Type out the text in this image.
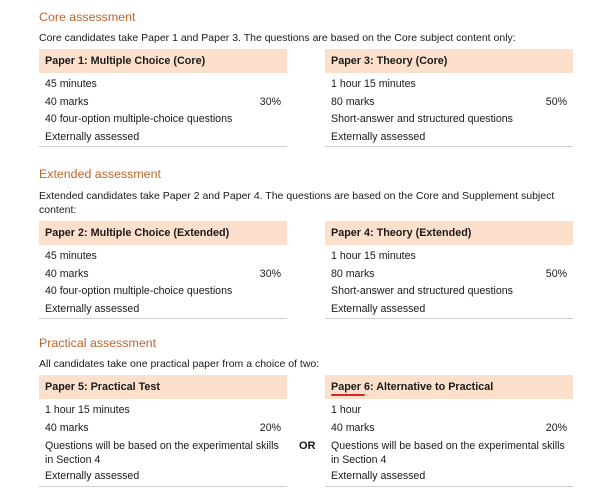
Core assessment
Core candidates take Paper 1 and Paper 3. The questions are based on the Core subject content only:
Paper 1: Multiple Choice (Core)
45 minutes
40 marks	30%
40 four-option multiple-choice questions
Externally assessed
Paper 3: Theory (Core)
1 hour 15 minutes
80 marks	50%
Short-answer and structured questions
Externally assessed
Extended assessment
Extended candidates take Paper 2 and Paper 4. The questions are based on the Core and Supplement subject content:
Paper 2: Multiple Choice (Extended)
45 minutes
40 marks	30%
40 four-option multiple-choice questions
Externally assessed
Paper 4: Theory (Extended)
1 hour 15 minutes
80 marks	50%
Short-answer and structured questions
Externally assessed
Practical assessment
All candidates take one practical paper from a choice of two:
Paper 5: Practical Test
1 hour 15 minutes
40 marks	20%
Questions will be based on the experimental skills in Section 4
Externally assessed
OR
Paper 6: Alternative to Practical
1 hour
40 marks	20%
Questions will be based on the experimental skills in Section 4
Externally assessed
